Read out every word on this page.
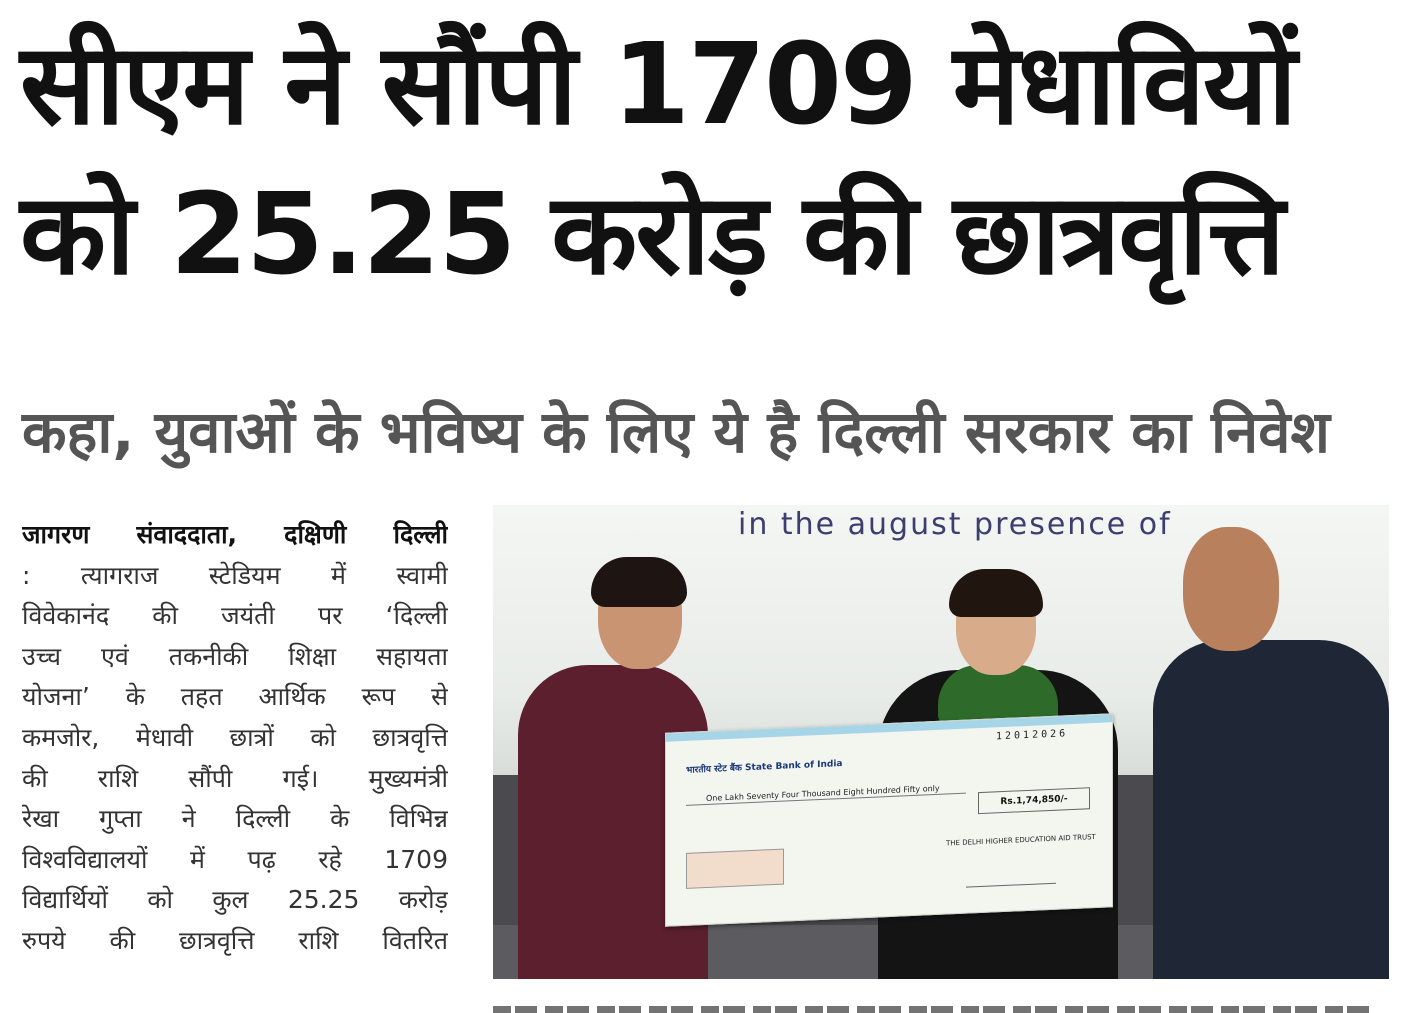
सीएम ने सौंपी 1709 मेधावियों
को 25.25 करोड़ की छात्रवृत्ति
कहा, युवाओं के भविष्य के लिए ये है दिल्ली सरकार का निवेश
जागरण संवाददाता, दक्षिणी दिल्ली
: त्यागराज स्टेडियम में स्वामी
विवेकानंद की जयंती पर ‘दिल्ली
उच्च एवं तकनीकी शिक्षा सहायता
योजना’ के तहत आर्थिक रूप से
कमजोर, मेधावी छात्रों को छात्रवृत्ति
की राशि सौंपी गई। मुख्यमंत्री
रेखा गुप्ता ने दिल्ली के विभिन्न
विश्वविद्यालयों में पढ़ रहे 1709
विद्यार्थियों को कुल 25.25 करोड़
रुपये की छात्रवृत्ति राशि वितरित
in the august presence of
12012026
भारतीय स्टेट बैंक State Bank of India
One Lakh Seventy Four Thousand Eight Hundred Fifty only	Rs.1,74,850/-
THE DELHI HIGHER EDUCATION AID TRUST
